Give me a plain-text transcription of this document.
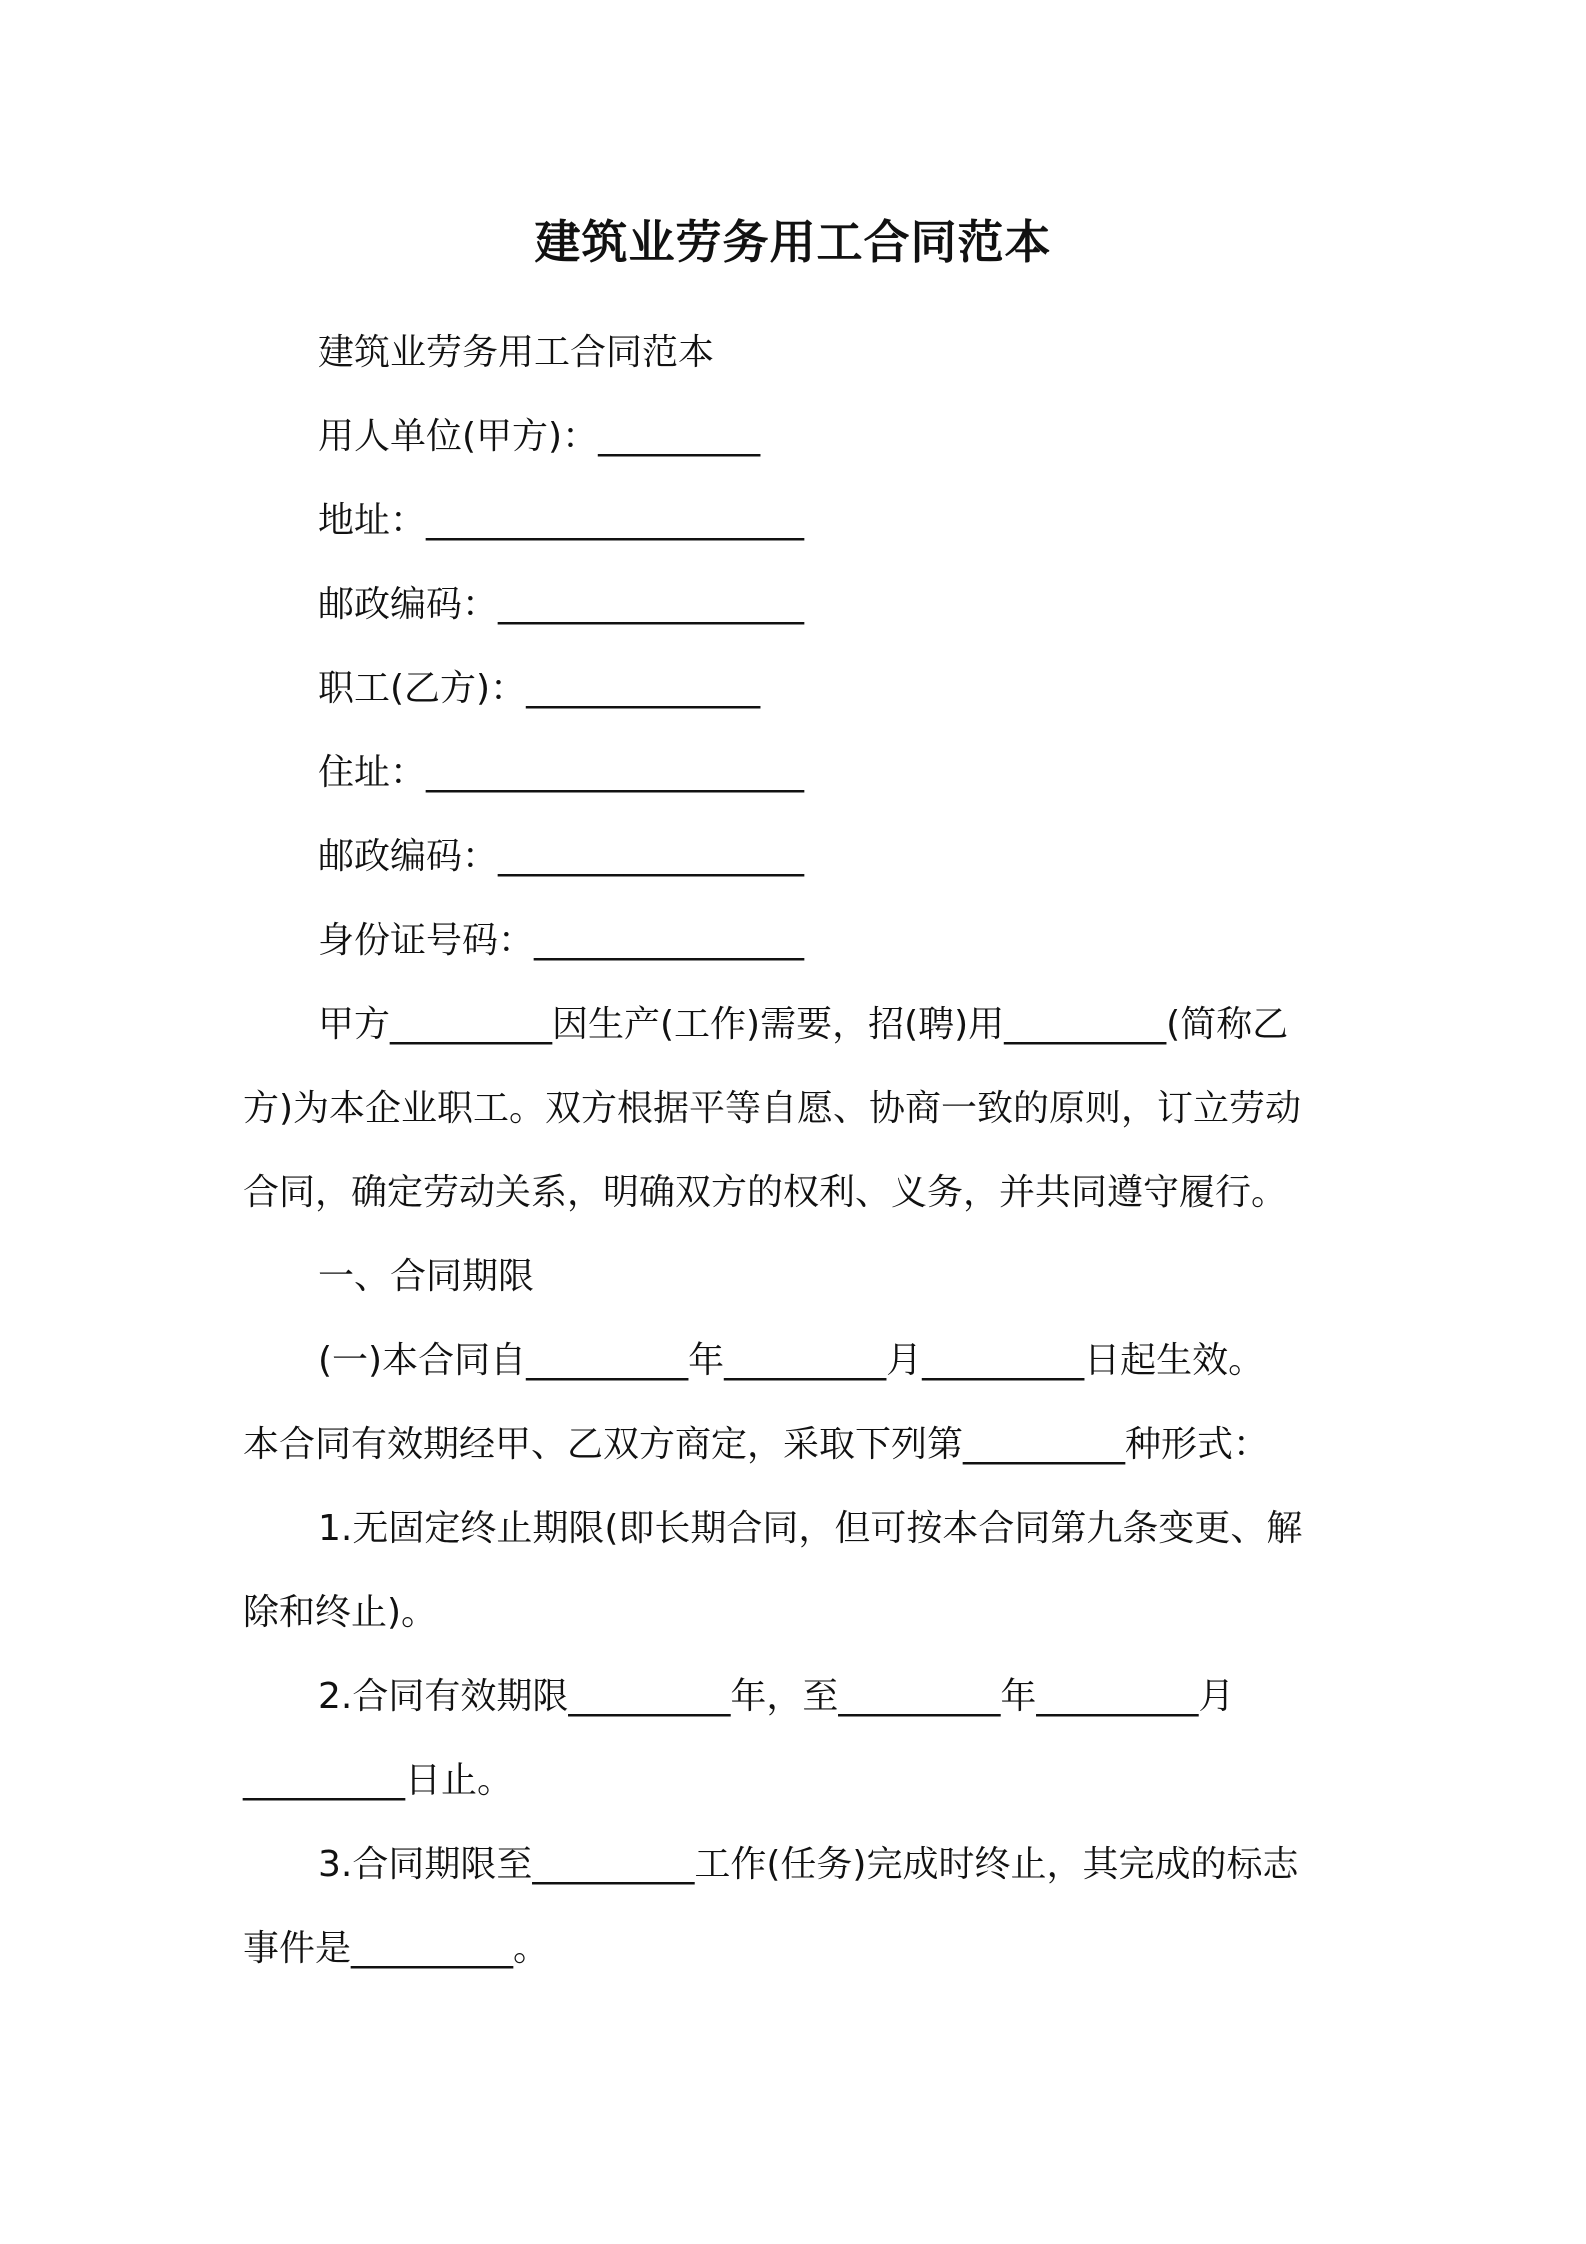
建筑业劳务用工合同范本
建筑业劳务用工合同范本
用人单位(甲方)：_________
地址：_____________________
邮政编码：_________________
职工(乙方)：_____________
住址：_____________________
邮政编码：_________________
身份证号码：_______________
甲方_________因生产(工作)需要，招(聘)用_________(简称乙
方)为本企业职工。双方根据平等自愿、协商一致的原则，订立劳动
合同，确定劳动关系，明确双方的权利、义务，并共同遵守履行。
一、合同期限
(一)本合同自_________年_________月_________日起生效。
本合同有效期经甲、乙双方商定，采取下列第_________种形式：
1.无固定终止期限(即长期合同，但可按本合同第九条变更、解
除和终止)。
2.合同有效期限_________年，至_________年_________月
_________日止。
3.合同期限至_________工作(任务)完成时终止，其完成的标志
事件是_________。
